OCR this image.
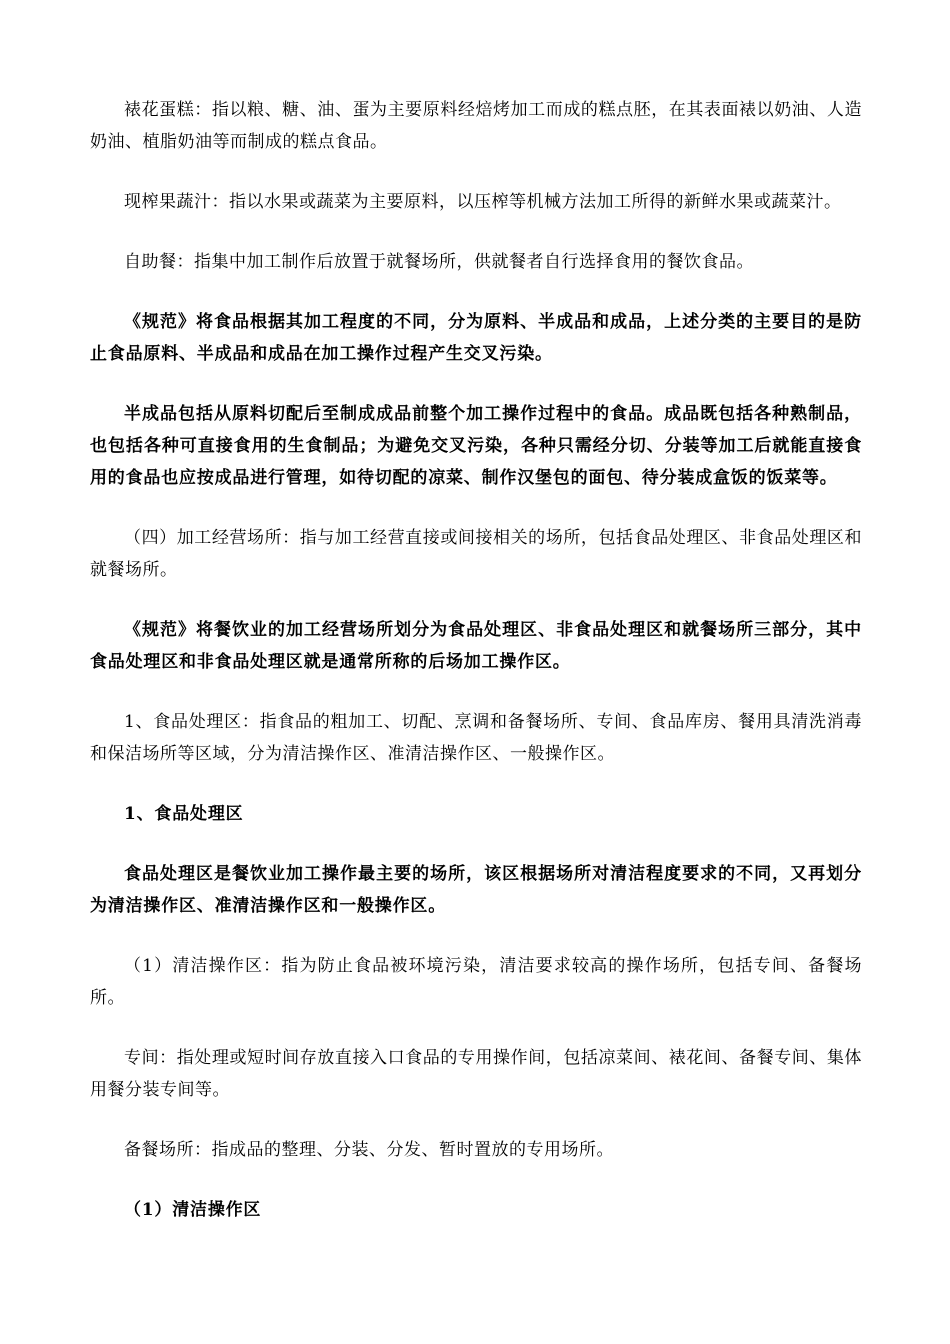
裱花蛋糕：指以粮、糖、油、蛋为主要原料经焙烤加工而成的糕点胚，在其表面裱以奶油、人造奶油、植脂奶油等而制成的糕点食品。

现榨果蔬汁：指以水果或蔬菜为主要原料，以压榨等机械方法加工所得的新鲜水果或蔬菜汁。

自助餐：指集中加工制作后放置于就餐场所，供就餐者自行选择食用的餐饮食品。

《规范》将食品根据其加工程度的不同，分为原料、半成品和成品，上述分类的主要目的是防止食品原料、半成品和成品在加工操作过程产生交叉污染。

半成品包括从原料切配后至制成成品前整个加工操作过程中的食品。成品既包括各种熟制品，也包括各种可直接食用的生食制品；为避免交叉污染，各种只需经分切、分装等加工后就能直接食用的食品也应按成品进行管理，如待切配的凉菜、制作汉堡包的面包、待分装成盒饭的饭菜等。

（四）加工经营场所：指与加工经营直接或间接相关的场所，包括食品处理区、非食品处理区和就餐场所。

《规范》将餐饮业的加工经营场所划分为食品处理区、非食品处理区和就餐场所三部分，其中食品处理区和非食品处理区就是通常所称的后场加工操作区。

1、食品处理区：指食品的粗加工、切配、烹调和备餐场所、专间、食品库房、餐用具清洗消毒和保洁场所等区域，分为清洁操作区、准清洁操作区、一般操作区。

1、食品处理区

食品处理区是餐饮业加工操作最主要的场所，该区根据场所对清洁程度要求的不同，又再划分为清洁操作区、准清洁操作区和一般操作区。

（1）清洁操作区：指为防止食品被环境污染，清洁要求较高的操作场所，包括专间、备餐场所。

专间：指处理或短时间存放直接入口食品的专用操作间，包括凉菜间、裱花间、备餐专间、集体用餐分装专间等。

备餐场所：指成品的整理、分装、分发、暂时置放的专用场所。

（1）清洁操作区
